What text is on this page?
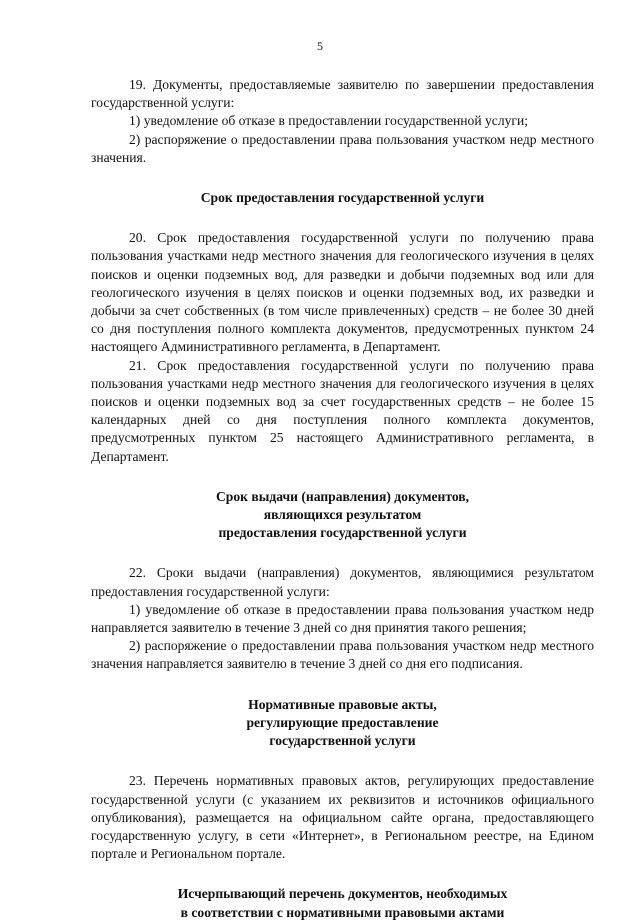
5

19. Документы, предоставляемые заявителю по завершении предоставления государственной услуги:

1) уведомление об отказе в предоставлении государственной услуги;

2) распоряжение о предоставлении права пользования участком недр местного значения.

Срок предоставления государственной услуги

20. Срок предоставления государственной услуги по получению права пользования участками недр местного значения для геологического изучения в целях поисков и оценки подземных вод, для разведки и добычи подземных вод или для геологического изучения в целях поисков и оценки подземных вод, их разведки и добычи за счет собственных (в том числе привлеченных) средств – не более 30 дней со дня поступления полного комплекта документов, предусмотренных пунктом 24 настоящего Административного регламента, в Департамент.

21. Срок предоставления государственной услуги по получению права пользования участками недр местного значения для геологического изучения в целях поисков и оценки подземных вод за счет государственных средств – не более 15 календарных дней со дня поступления полного комплекта документов, предусмотренных пунктом 25 настоящего Административного регламента, в Департамент.

Срок выдачи (направления) документов,
являющихся результатом
предоставления государственной услуги

22. Сроки выдачи (направления) документов, являющимися результатом предоставления государственной услуги:

1) уведомление об отказе в предоставлении права пользования участком недр направляется заявителю в течение 3 дней со дня принятия такого решения;

2) распоряжение о предоставлении права пользования участком недр местного значения направляется заявителю в течение 3 дней со дня его подписания.

Нормативные правовые акты,
регулирующие предоставление
государственной услуги

23. Перечень нормативных правовых актов, регулирующих предоставление государственной услуги (с указанием их реквизитов и источников официального опубликования), размещается на официальном сайте органа, предоставляющего государственную услугу, в сети «Интернет», в Региональном реестре, на Едином портале и Региональном портале.

Исчерпывающий перечень документов, необходимых
в соответствии с нормативными правовыми актами
